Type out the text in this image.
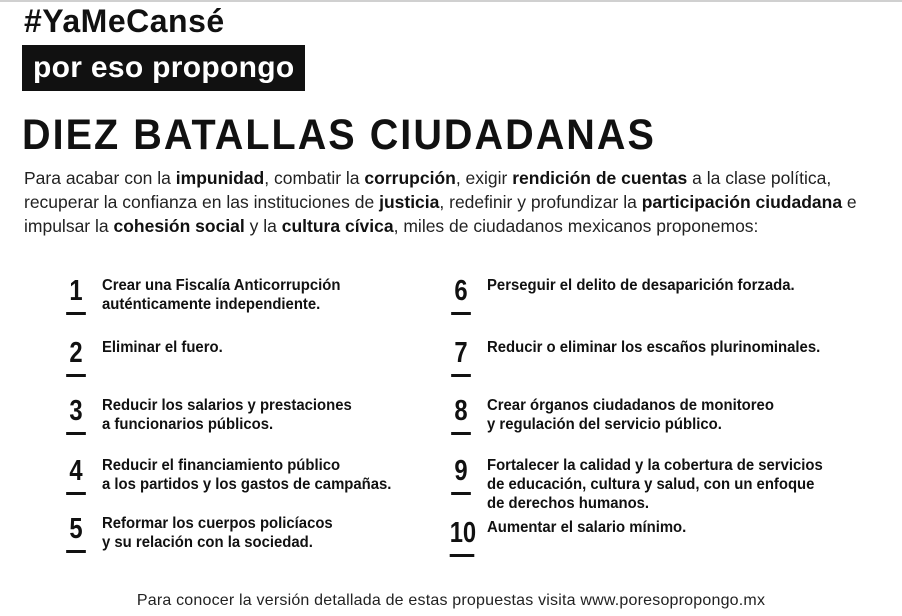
#YaMeCansé
por eso propongo
DIEZ BATALLAS CIUDADANAS

Para acabar con la impunidad, combatir la corrupción, exigir rendición de cuentas a la clase política, recuperar la confianza en las instituciones de justicia, redefinir y profundizar la participación ciudadana e impulsar la cohesión social y la cultura cívica, miles de ciudadanos mexicanos proponemos:

1 Crear una Fiscalía Anticorrupción
auténticamente independiente.
2 Eliminar el fuero.
3 Reducir los salarios y prestaciones
a funcionarios públicos.
4 Reducir el financiamiento público
a los partidos y los gastos de campañas.
5 Reformar los cuerpos policíacos
y su relación con la sociedad.
6 Perseguir el delito de desaparición forzada.
7 Reducir o eliminar los escaños plurinominales.
8 Crear órganos ciudadanos de monitoreo
y regulación del servicio público.
9 Fortalecer la calidad y la cobertura de servicios
de educación, cultura y salud, con un enfoque
de derechos humanos.
10 Aumentar el salario mínimo.
Para conocer la versión detallada de estas propuestas visita www.poresopropongo.mx
